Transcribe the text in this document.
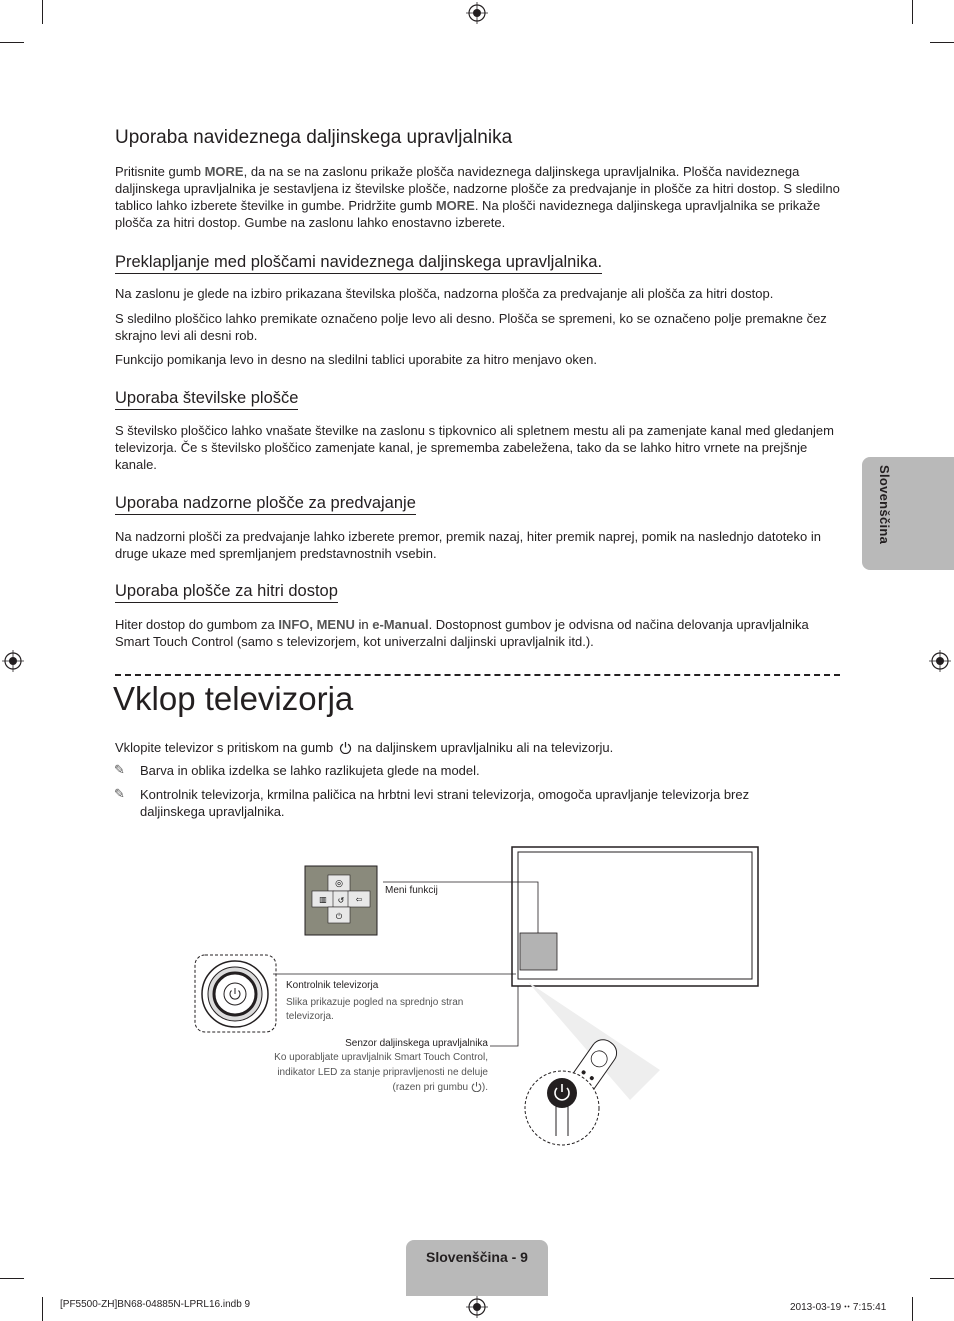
Uporaba navideznega daljinskega upravljalnika

Pritisnite gumb MORE, da na se na zaslonu prikaže plošča navideznega daljinskega upravljalnika. Plošča navideznega daljinskega upravljalnika je sestavljena iz številske plošče, nadzorne plošče za predvajanje in plošče za hitri dostop. S sledilno tablico lahko izberete številke in gumbe. Pridržite gumb MORE. Na plošči navideznega daljinskega upravljalnika se prikaže plošča za hitri dostop. Gumbe na zaslonu lahko enostavno izberete.

Preklapljanje med ploščami navideznega daljinskega upravljalnika.

Na zaslonu je glede na izbiro prikazana številska plošča, nadzorna plošča za predvajanje ali plošča za hitri dostop.

S sledilno ploščico lahko premikate označeno polje levo ali desno. Plošča se spremeni, ko se označeno polje premakne čez skrajno levi ali desni rob.

Funkcijo pomikanja levo in desno na sledilni tablici uporabite za hitro menjavo oken.

Uporaba številske plošče

S številsko ploščico lahko vnašate številke na zaslonu s tipkovnico ali spletnem mestu ali pa zamenjate kanal med gledanjem televizorja. Če s številsko ploščico zamenjate kanal, je sprememba zabeležena, tako da se lahko hitro vrnete na prejšnje kanale.

Uporaba nadzorne plošče za predvajanje

Na nadzorni plošči za predvajanje lahko izberete premor, premik nazaj, hiter premik naprej, pomik na naslednjo datoteko in druge ukaze med spremljanjem predstavnostnih vsebin.

Uporaba plošče za hitri dostop

Hiter dostop do gumbom za INFO, MENU in e-Manual. Dostopnost gumbov je odvisna od načina delovanja upravljalnika Smart Touch Control (samo s televizorjem, kot univerzalni daljinski upravljalnik itd.).

Vklop televizorja

Vklopite televizor s pritiskom na gumb na daljinskem upravljalniku ali na televizorju.

✎ Barva in oblika izdelka se lahko razlikujeta glede na model.

✎ Kontrolnik televizorja, krmilna paličica na hrbtni levi strani televizorja, omogoča upravljanje televizorja brez daljinskega upravljalnika.

◎
▥ ↺ ⇦
⏻
Meni funkcij
Kontrolnik televizorja
Slika prikazuje pogled na sprednjo stran televizorja.
Senzor daljinskega upravljalnika
Ko uporabljate upravljalnik Smart Touch Control,
indikator LED za stanje pripravljenosti ne deluje
(razen pri gumbu ).
Slovenščina
Slovenščina - 9
[PF5500-ZH]BN68-04885N-LPRL16.indb 9	2013-03-19 ꞏꞏ 7:15:41
